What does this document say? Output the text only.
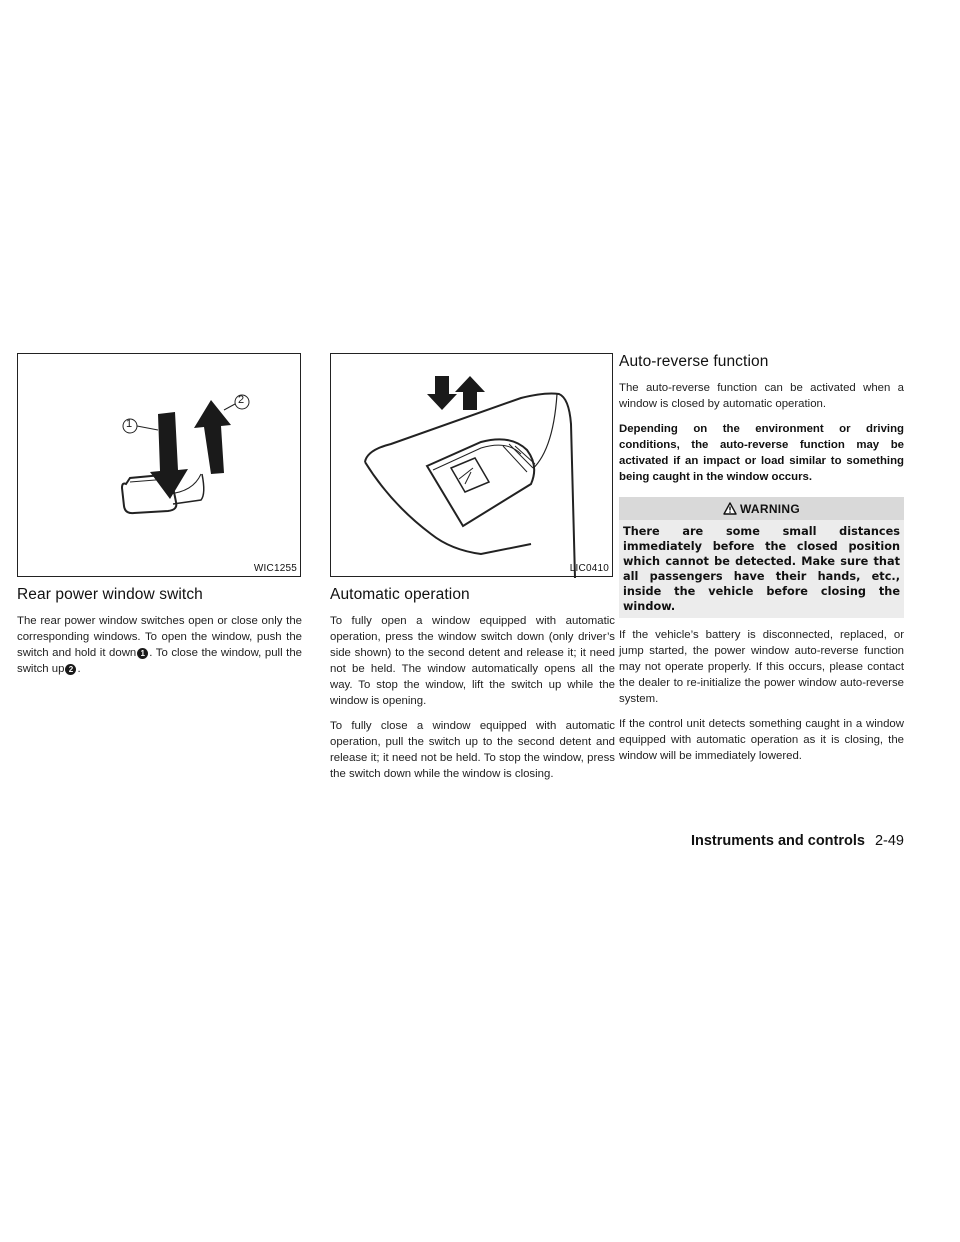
1
2
WIC1255
Rear power window switch

The rear power window switches open or close only the corresponding windows. To open the window, push the switch and hold it down 1 . To close the window, pull the switch up 2 .

LIC0410
Automatic operation

To fully open a window equipped with automatic operation, press the window switch down (only driver’s side shown) to the second detent and release it; it need not be held. The window automatically opens all the way. To stop the window, lift the switch up while the window is opening.

To fully close a window equipped with automatic operation, pull the switch up to the second detent and release it; it need not be held. To stop the window, press the switch down while the window is closing.

Auto-reverse function

The auto-reverse function can be activated when a window is closed by automatic operation.

Depending on the environment or driving conditions, the auto-reverse function may be activated if an impact or load similar to something being caught in the window occurs.

WARNING
There are some small distances immediately before the closed position which cannot be detected. Make sure that all passengers have their hands, etc., inside the vehicle before closing the window.

If the vehicle’s battery is disconnected, replaced, or jump started, the power window auto-reverse function may not operate properly. If this occurs, please contact the dealer to re-initialize the power window auto-reverse system.

If the control unit detects something caught in a window equipped with automatic operation as it is closing, the window will be immediately lowered.

Instruments and controls 2-49
